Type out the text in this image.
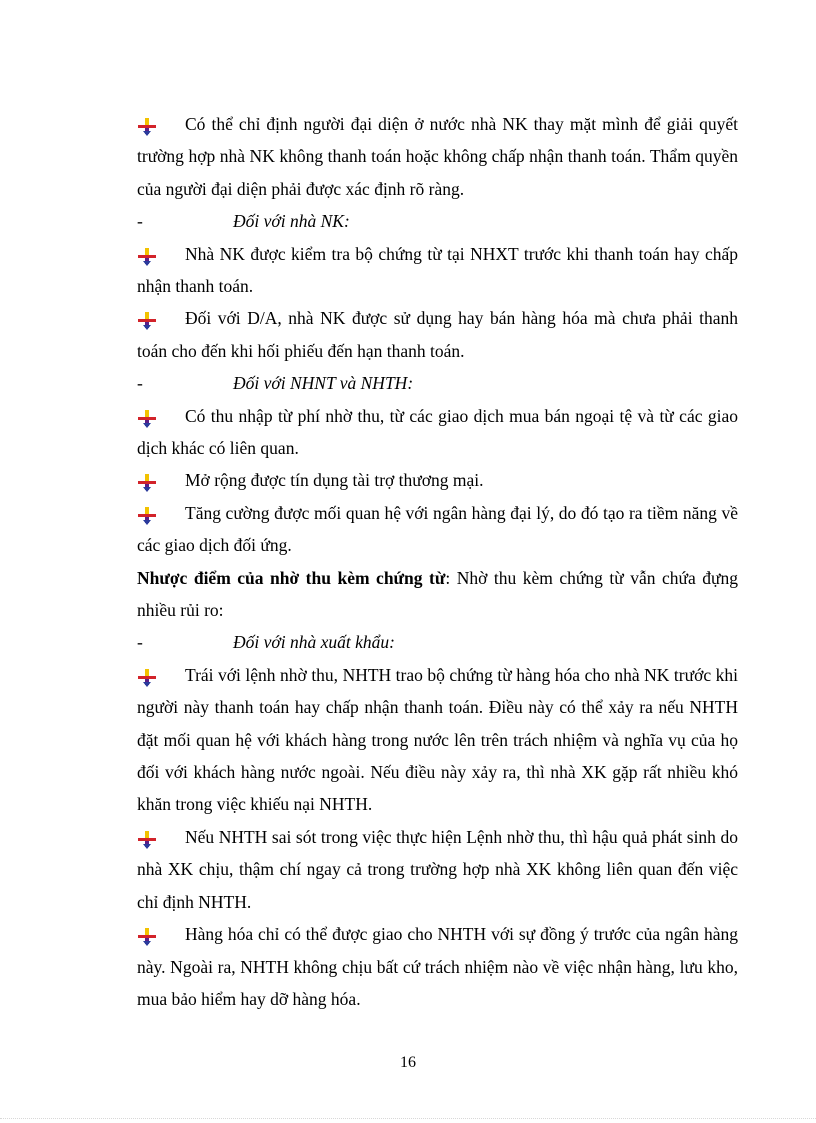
Có thể chỉ định người đại diện ở nước nhà NK thay mặt mình để giải quyết trường hợp nhà NK không thanh toán hoặc không chấp nhận thanh toán. Thẩm quyền của người đại diện phải được xác định rõ ràng.

-	Đối với nhà NK:

Nhà NK được kiểm tra bộ chứng từ tại NHXT trước khi thanh toán hay chấp nhận thanh toán.

Đối với D/A, nhà NK được sử dụng hay bán hàng hóa mà chưa phải thanh toán cho đến khi hối phiếu đến hạn thanh toán.

-	Đối với NHNT và NHTH:

Có thu nhập từ phí nhờ thu, từ các giao dịch mua bán ngoại tệ và từ các giao dịch khác có liên quan.

Mở rộng được tín dụng tài trợ thương mại.

Tăng cường được mối quan hệ với ngân hàng đại lý, do đó tạo ra tiềm năng về các giao dịch đối ứng.

Nhược điểm của nhờ thu kèm chứng từ: Nhờ thu kèm chứng từ vẫn chứa đựng nhiều rủi ro:

-	Đối với nhà xuất khẩu:

Trái với lệnh nhờ thu, NHTH trao bộ chứng từ hàng hóa cho nhà NK trước khi người này thanh toán hay chấp nhận thanh toán. Điều này có thể xảy ra nếu NHTH đặt mối quan hệ với khách hàng trong nước lên trên trách nhiệm và nghĩa vụ của họ đối với khách hàng nước ngoài. Nếu điều này xảy ra, thì nhà XK gặp rất nhiều khó khăn trong việc khiếu nại NHTH.

Nếu NHTH sai sót trong việc thực hiện Lệnh nhờ thu, thì hậu quả phát sinh do nhà XK chịu, thậm chí ngay cả trong trường hợp nhà XK không liên quan đến việc chỉ định NHTH.

Hàng hóa chỉ có thể được giao cho NHTH với sự đồng ý trước của ngân hàng này. Ngoài ra, NHTH không chịu bất cứ trách nhiệm nào về việc nhận hàng, lưu kho, mua bảo hiểm hay dỡ hàng hóa.

16
